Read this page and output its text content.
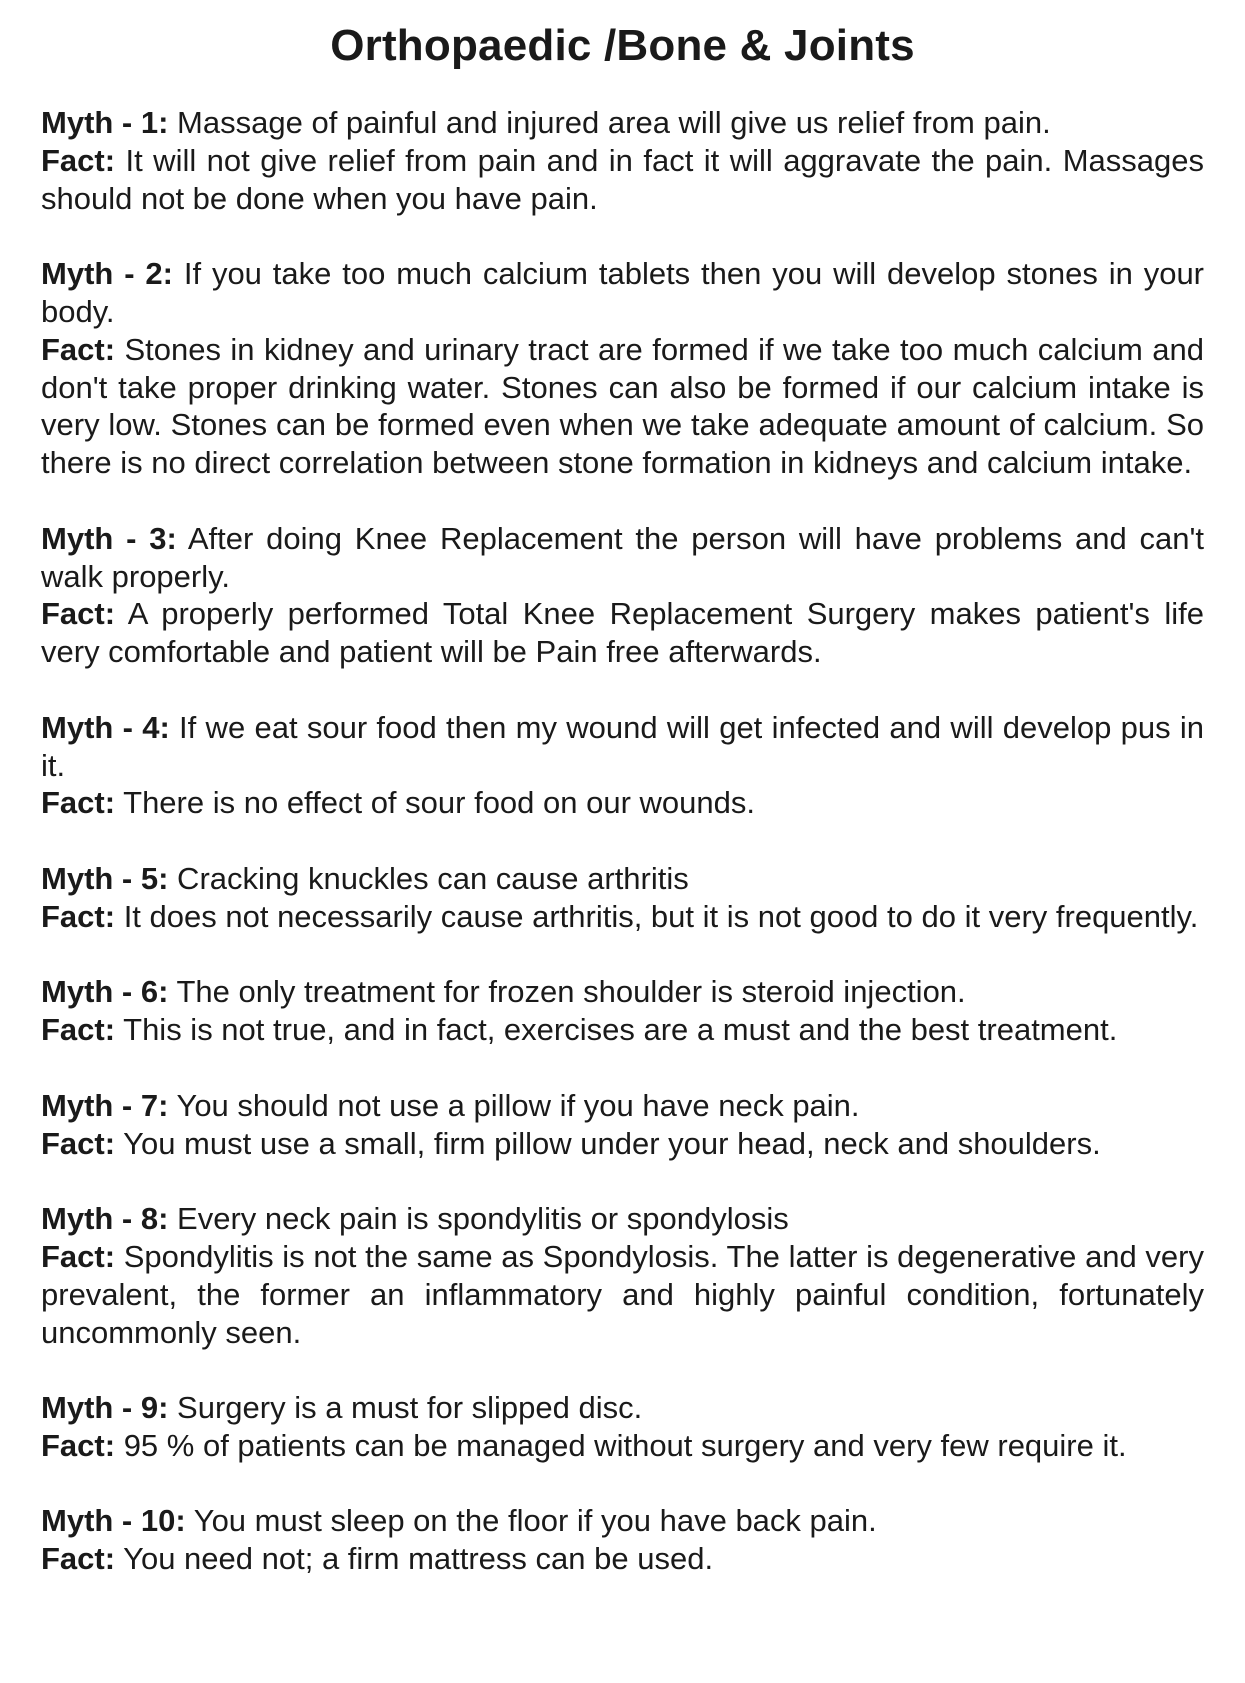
Orthopaedic /Bone & Joints

Myth - 1: Massage of painful and injured area will give us relief from pain.

Fact: It will not give relief from pain and in fact it will aggravate the pain. Massages should not be done when you have pain.

Myth - 2: If you take too much calcium tablets then you will develop stones in your body.

Fact: Stones in kidney and urinary tract are formed if we take too much calcium and don't take proper drinking water. Stones can also be formed if our calcium intake is very low. Stones can be formed even when we take adequate amount of calcium. So there is no direct correlation between stone formation in kidneys and calcium intake.

Myth - 3: After doing Knee Replacement the person will have problems and can't walk properly.

Fact: A properly performed Total Knee Replacement Surgery makes patient's life very comfortable and patient will be Pain free afterwards.

Myth - 4: If we eat sour food then my wound will get infected and will develop pus in it.

Fact: There is no effect of sour food on our wounds.

Myth - 5: Cracking knuckles can cause arthritis

Fact: It does not necessarily cause arthritis, but it is not good to do it very frequently.

Myth - 6: The only treatment for frozen shoulder is steroid injection.

Fact: This is not true, and in fact, exercises are a must and the best treatment.

Myth - 7: You should not use a pillow if you have neck pain.

Fact: You must use a small, firm pillow under your head, neck and shoulders.

Myth - 8: Every neck pain is spondylitis or spondylosis

Fact: Spondylitis is not the same as Spondylosis. The latter is degenerative and very prevalent, the former an inflammatory and highly painful condition, fortunately uncommonly seen.

Myth - 9: Surgery is a must for slipped disc.

Fact: 95 % of patients can be managed without surgery and very few require it.

Myth - 10: You must sleep on the floor if you have back pain.

Fact: You need not; a firm mattress can be used.
